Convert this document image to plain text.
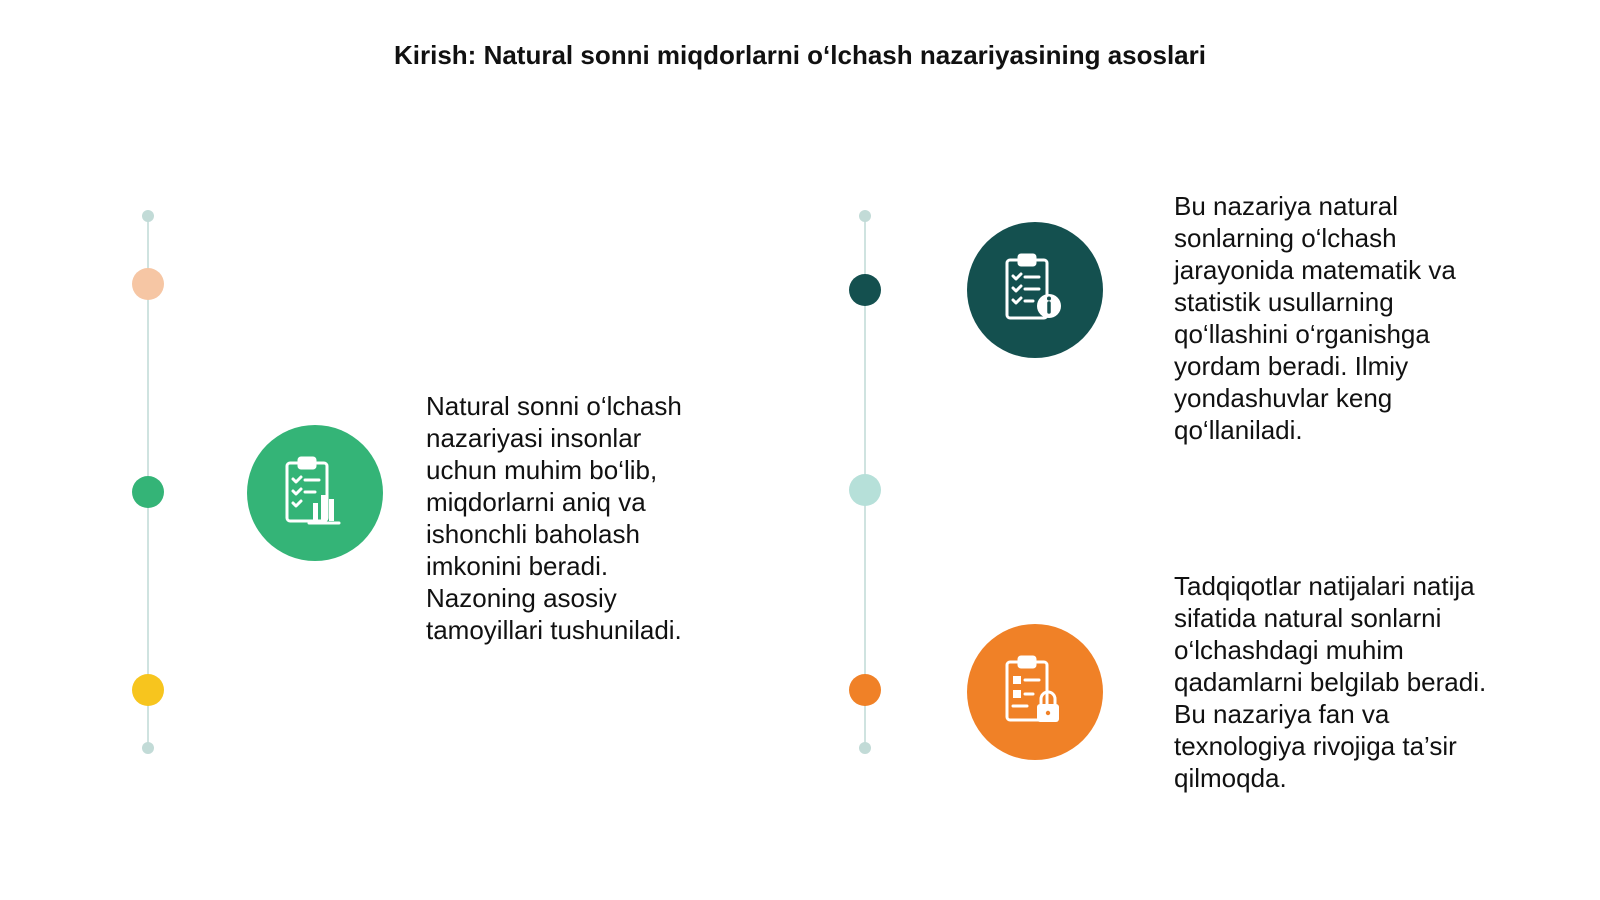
Kirish: Natural sonni miqdorlarni o‘lchash nazariyasining asoslari
Natural sonni o‘lchash
nazariyasi insonlar
uchun muhim bo‘lib,
miqdorlarni aniq va
ishonchli baholash
imkonini beradi.
Nazoning asosiy
tamoyillari tushuniladi.
Bu nazariya natural
sonlarning o‘lchash
jarayonida matematik va
statistik usullarning
qo‘llashini o‘rganishga
yordam beradi. Ilmiy
yondashuvlar keng
qo‘llaniladi.
Tadqiqotlar natijalari natija
sifatida natural sonlarni
o‘lchashdagi muhim
qadamlarni belgilab beradi.
Bu nazariya fan va
texnologiya rivojiga ta’sir
qilmoqda.
